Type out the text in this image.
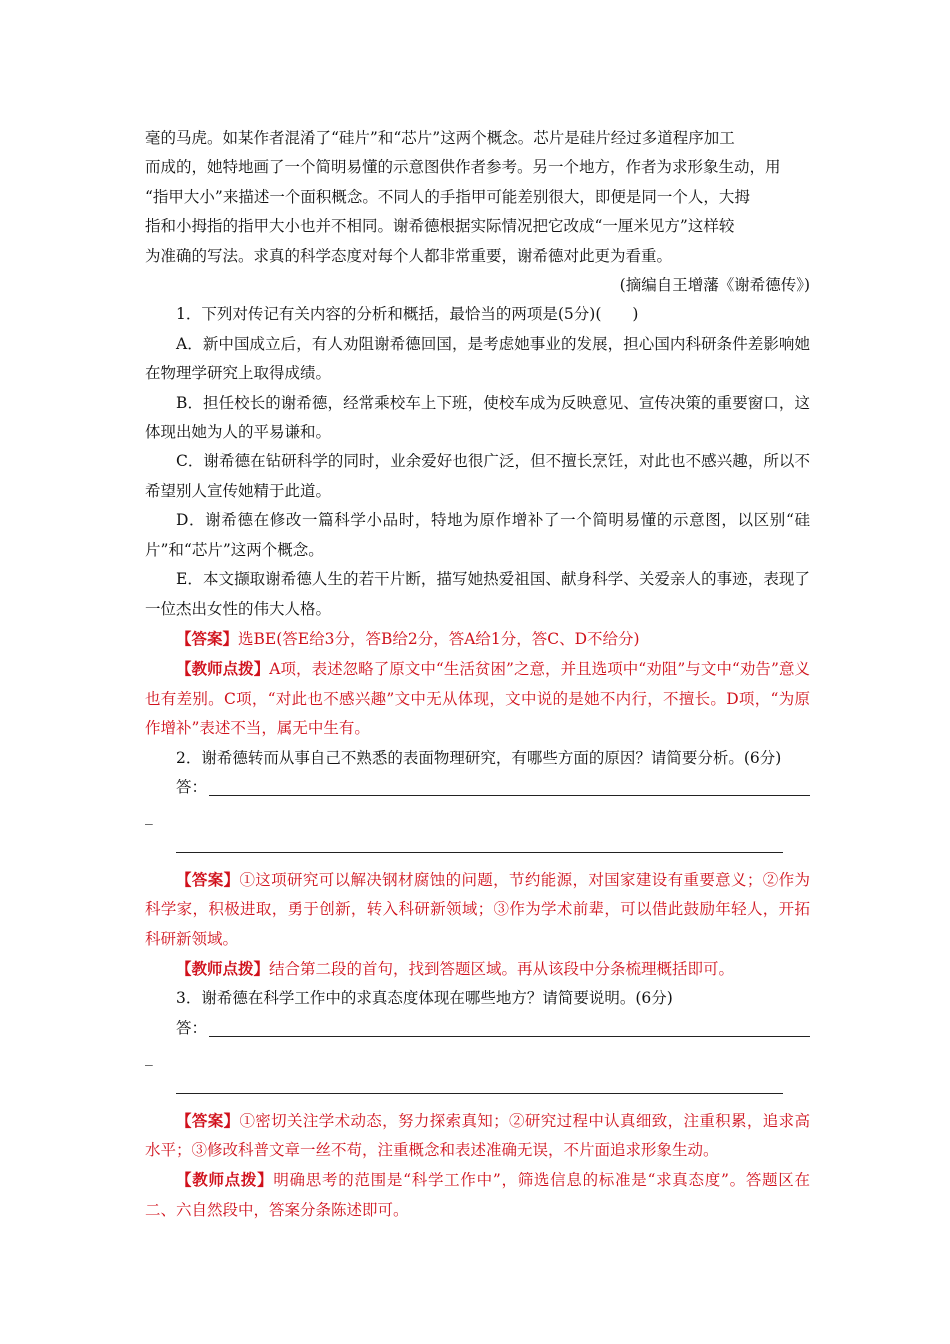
毫的马虎。如某作者混淆了“硅片”和“芯片”这两个概念。芯片是硅片经过多道程序加工

而成的，她特地画了一个简明易懂的示意图供作者参考。另一个地方，作者为求形象生动，用

“指甲大小”来描述一个面积概念。不同人的手指甲可能差别很大，即便是同一个人，大拇

指和小拇指的指甲大小也并不相同。谢希德根据实际情况把它改成“一厘米见方”这样较

为准确的写法。求真的科学态度对每个人都非常重要，谢希德对此更为看重。

(摘编自王增藩《谢希德传》)

1．下列对传记有关内容的分析和概括，最恰当的两项是(5分)(　　)

A．新中国成立后，有人劝阻谢希德回国，是考虑她事业的发展，担心国内科研条件差影响她在物理学研究上取得成绩。

B．担任校长的谢希德，经常乘校车上下班，使校车成为反映意见、宣传决策的重要窗口，这体现出她为人的平易谦和。

C．谢希德在钻研科学的同时，业余爱好也很广泛，但不擅长烹饪，对此也不感兴趣，所以不希望别人宣传她精于此道。

D．谢希德在修改一篇科学小品时，特地为原作增补了一个简明易懂的示意图，以区别“硅片”和“芯片”这两个概念。

E．本文撷取谢希德人生的若干片断，描写她热爱祖国、献身科学、关爱亲人的事迹，表现了一位杰出女性的伟大人格。

【答案】选BE(答E给3分，答B给2分，答A给1分，答C、D不给分)

【教师点拨】A项，表述忽略了原文中“生活贫困”之意，并且选项中“劝阻”与文中“劝告”意义也有差别。C项，“对此也不感兴趣”文中无从体现，文中说的是她不内行，不擅长。D项，“为原作增补”表述不当，属无中生有。

2．谢希德转而从事自己不熟悉的表面物理研究，有哪些方面的原因？请简要分析。(6分)

答：
_

【答案】①这项研究可以解决钢材腐蚀的问题，节约能源，对国家建设有重要意义；②作为科学家，积极进取，勇于创新，转入科研新领域；③作为学术前辈，可以借此鼓励年轻人，开拓科研新领域。

【教师点拨】结合第二段的首句，找到答题区域。再从该段中分条梳理概括即可。

3．谢希德在科学工作中的求真态度体现在哪些地方？请简要说明。(6分)

答：
_

【答案】①密切关注学术动态，努力探索真知；②研究过程中认真细致，注重积累，追求高水平；③修改科普文章一丝不苟，注重概念和表述准确无误，不片面追求形象生动。

【教师点拨】明确思考的范围是“科学工作中”，筛选信息的标准是“求真态度”。答题区在二、六自然段中，答案分条陈述即可。
